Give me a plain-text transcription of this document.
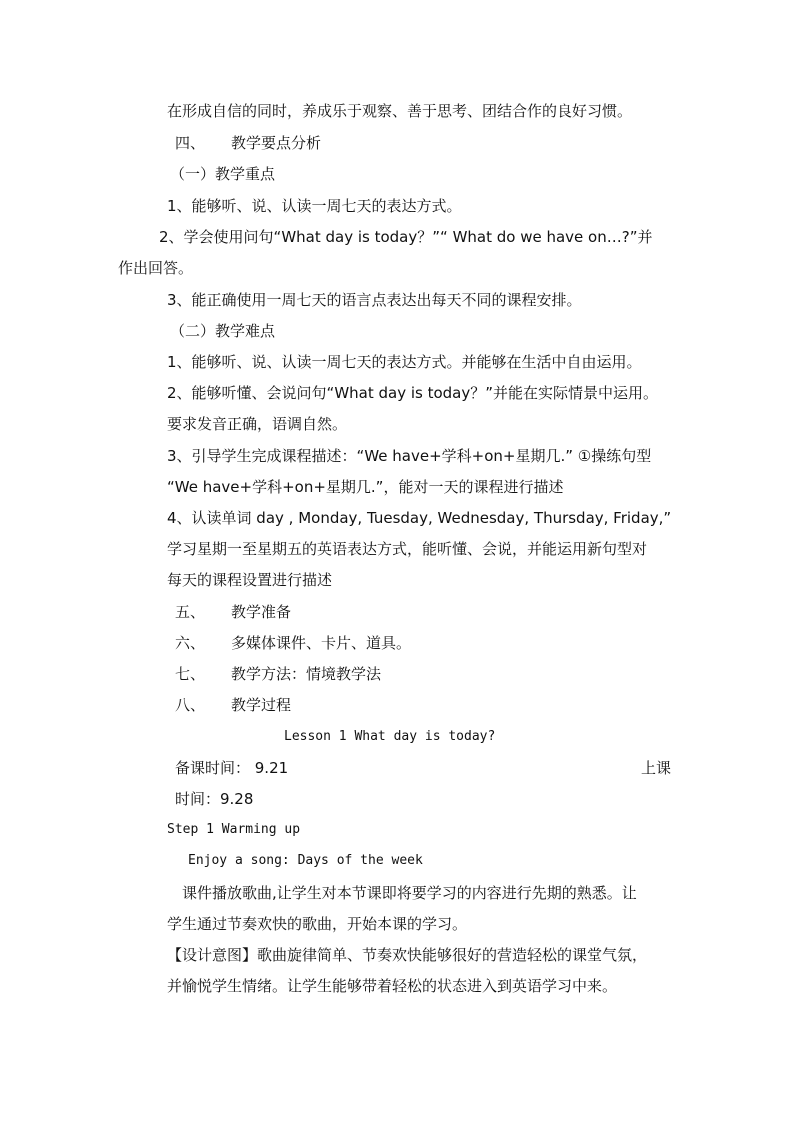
在形成自信的同时，养成乐于观察、善于思考、团结合作的良好习惯。
四、 教学要点分析
（一）教学重点
1、能够听、说、认读一周七天的表达方式。
2、学会使用问句“What day is today？”“ What do we have on…?”并
作出回答。
3、能正确使用一周七天的语言点表达出每天不同的课程安排。
（二）教学难点
1、能够听、说、认读一周七天的表达方式。并能够在生活中自由运用。
2、能够听懂、会说问句“What day is today？”并能在实际情景中运用。
要求发音正确，语调自然。
3、引导学生完成课程描述：“We have+学科+on+星期几.” ①操练句型
“We have+学科+on+星期几.”，能对一天的课程进行描述
4、认读单词 day , Monday, Tuesday, Wednesday, Thursday, Friday,”
学习星期一至星期五的英语表达方式，能听懂、会说，并能运用新句型对
每天的课程设置进行描述
五、 教学准备
六、 多媒体课件、卡片、道具。
七、 教学方法：情境教学法
八、 教学过程
Lesson 1 What day is today?
备课时间： 9.21	上课
时间：9.28
Step 1 Warming up
Enjoy a song: Days of the week
课件播放歌曲,让学生对本节课即将要学习的内容进行先期的熟悉。让
学生通过节奏欢快的歌曲，开始本课的学习。
【设计意图】歌曲旋律简单、节奏欢快能够很好的营造轻松的课堂气氛，
并愉悦学生情绪。让学生能够带着轻松的状态进入到英语学习中来。
